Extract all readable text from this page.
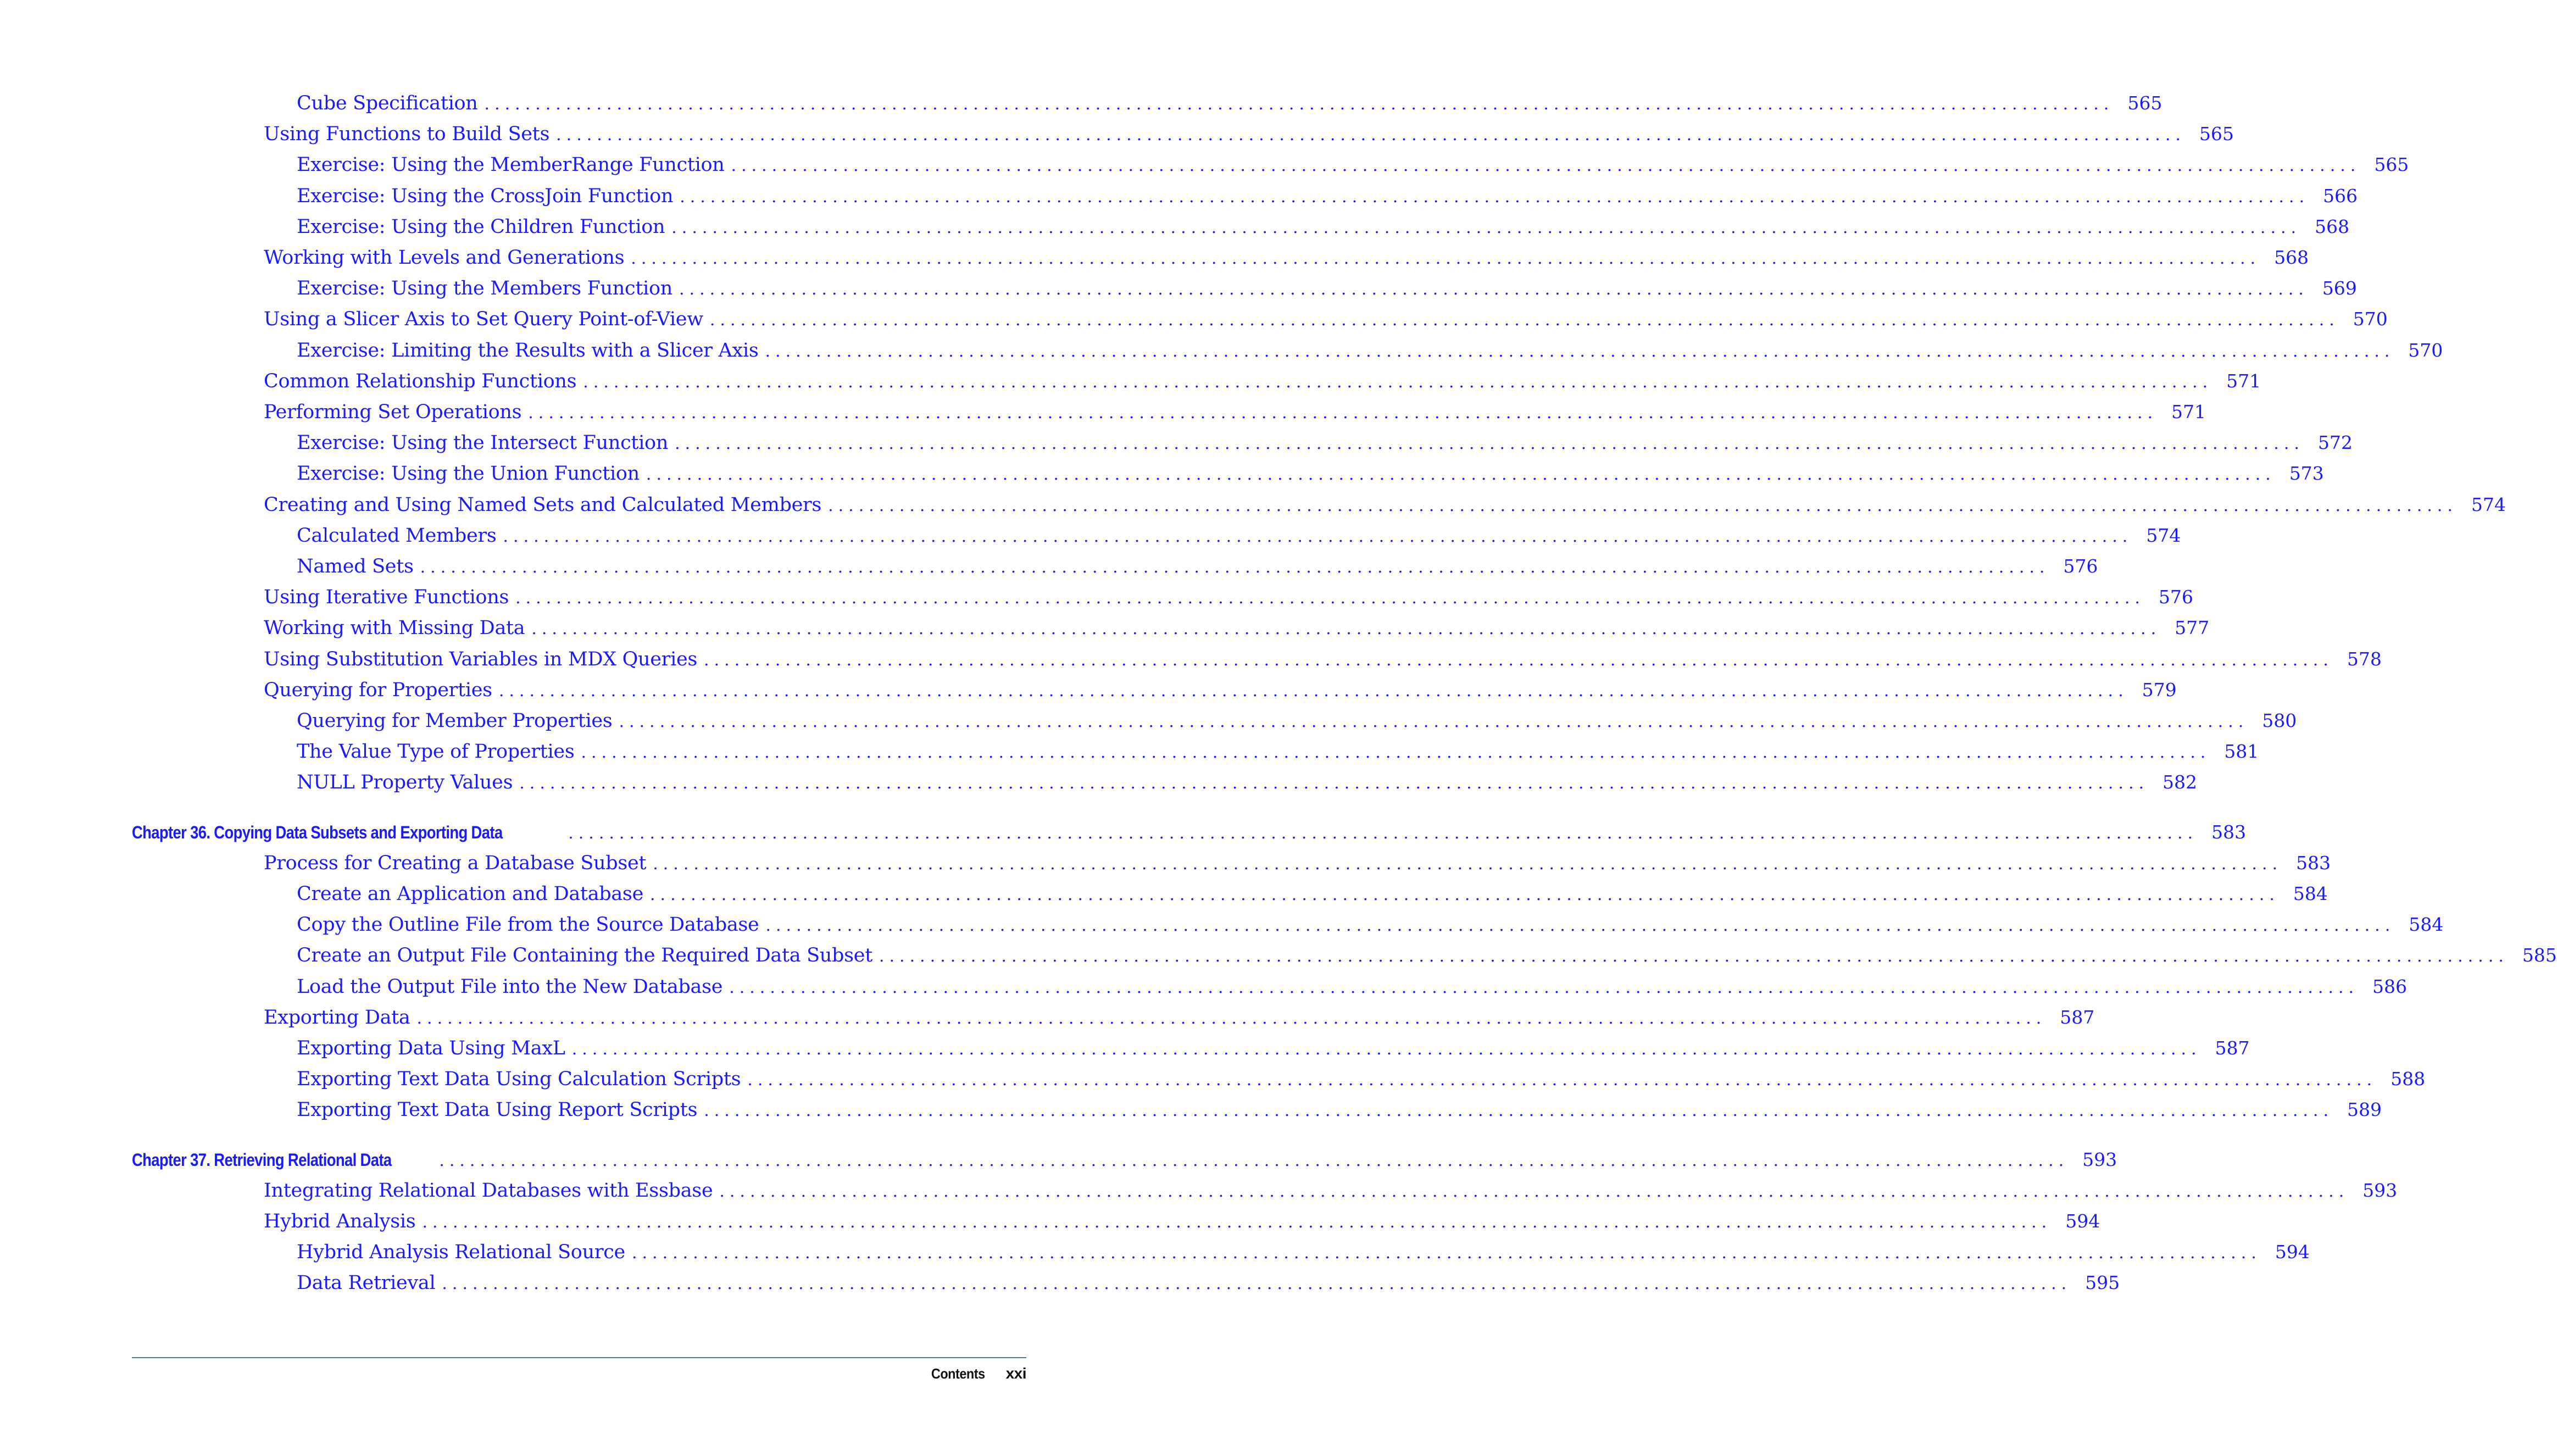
Cube Specification ................................................................................................................................................................ 565
Using Functions to Build Sets ................................................................................................................................................................ 565
Exercise: Using the MemberRange Function ................................................................................................................................................................ 565
Exercise: Using the CrossJoin Function ................................................................................................................................................................ 566
Exercise: Using the Children Function ................................................................................................................................................................ 568
Working with Levels and Generations ................................................................................................................................................................ 568
Exercise: Using the Members Function ................................................................................................................................................................ 569
Using a Slicer Axis to Set Query Point-of-View ................................................................................................................................................................ 570
Exercise: Limiting the Results with a Slicer Axis ................................................................................................................................................................ 570
Common Relationship Functions ................................................................................................................................................................ 571
Performing Set Operations ................................................................................................................................................................ 571
Exercise: Using the Intersect Function ................................................................................................................................................................ 572
Exercise: Using the Union Function ................................................................................................................................................................ 573
Creating and Using Named Sets and Calculated Members ................................................................................................................................................................ 574
Calculated Members ................................................................................................................................................................ 574
Named Sets ................................................................................................................................................................ 576
Using Iterative Functions ................................................................................................................................................................ 576
Working with Missing Data ................................................................................................................................................................ 577
Using Substitution Variables in MDX Queries ................................................................................................................................................................ 578
Querying for Properties ................................................................................................................................................................ 579
Querying for Member Properties ................................................................................................................................................................ 580
The Value Type of Properties ................................................................................................................................................................ 581
NULL Property Values ................................................................................................................................................................ 582
Chapter 36. Copying Data Subsets and Exporting Data	................................................................................................................................................................ 583
Process for Creating a Database Subset ................................................................................................................................................................ 583
Create an Application and Database ................................................................................................................................................................ 584
Copy the Outline File from the Source Database ................................................................................................................................................................ 584
Create an Output File Containing the Required Data Subset ................................................................................................................................................................ 585
Load the Output File into the New Database ................................................................................................................................................................ 586
Exporting Data ................................................................................................................................................................ 587
Exporting Data Using MaxL ................................................................................................................................................................ 587
Exporting Text Data Using Calculation Scripts ................................................................................................................................................................ 588
Exporting Text Data Using Report Scripts ................................................................................................................................................................ 589
Chapter 37. Retrieving Relational Data	................................................................................................................................................................ 593
Integrating Relational Databases with Essbase ................................................................................................................................................................ 593
Hybrid Analysis ................................................................................................................................................................ 594
Hybrid Analysis Relational Source ................................................................................................................................................................ 594
Data Retrieval ................................................................................................................................................................ 595
Contents xxi
